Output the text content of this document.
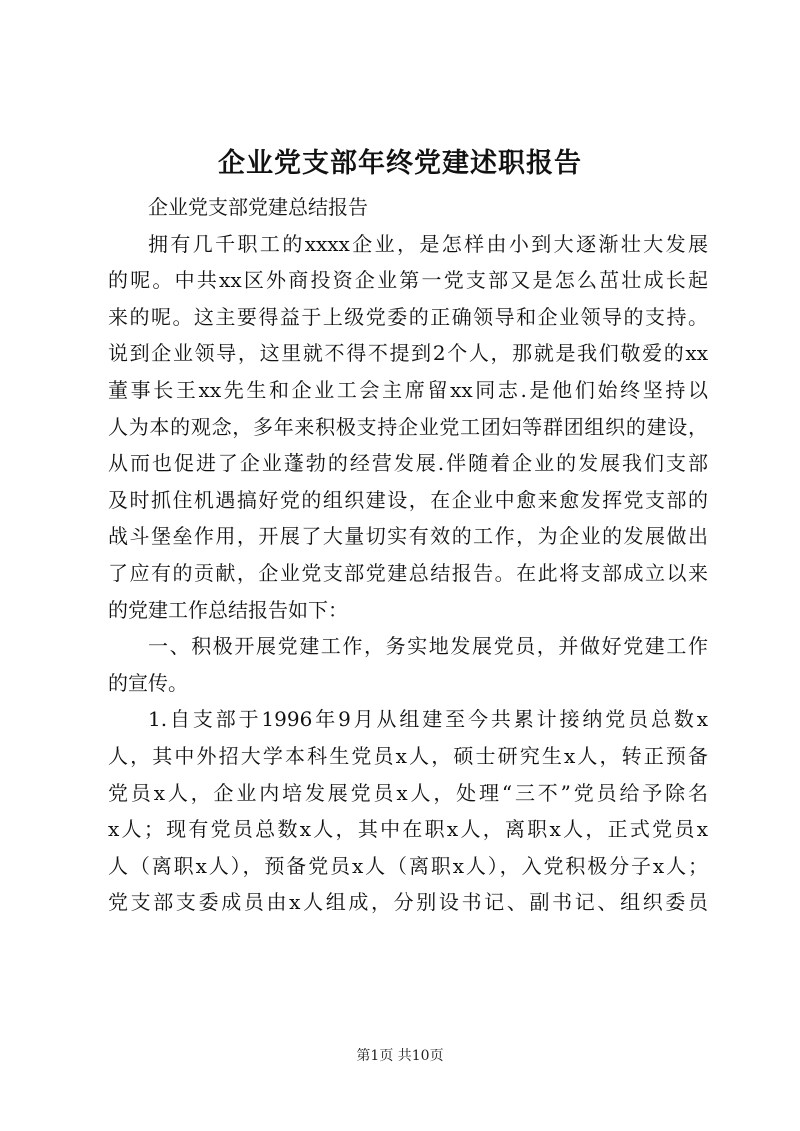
企业党支部年终党建述职报告
企业党支部党建总结报告
拥有几千职工的xxxx企业，是怎样由小到大逐渐壮大发展
的呢。中共xx区外商投资企业第一党支部又是怎么茁壮成长起
来的呢。这主要得益于上级党委的正确领导和企业领导的支持。
说到企业领导，这里就不得不提到2个人，那就是我们敬爱的xx
董事长王xx先生和企业工会主席留xx同志.是他们始终坚持以
人为本的观念，多年来积极支持企业党工团妇等群团组织的建设，
从而也促进了企业蓬勃的经营发展.伴随着企业的发展我们支部
及时抓住机遇搞好党的组织建设，在企业中愈来愈发挥党支部的
战斗堡垒作用，开展了大量切实有效的工作，为企业的发展做出
了应有的贡献，企业党支部党建总结报告。在此将支部成立以来
的党建工作总结报告如下：
一、积极开展党建工作，务实地发展党员，并做好党建工作
的宣传。
1.自支部于1996年9月从组建至今共累计接纳党员总数x
人，其中外招大学本科生党员x人，硕士研究生x人，转正预备
党员x人，企业内培发展党员x人，处理“三不”党员给予除名
x人；现有党员总数x人，其中在职x人，离职x人，正式党员x
人（离职x人），预备党员x人（离职x人），入党积极分子x人；
党支部支委成员由x人组成，分别设书记、副书记、组织委员
第1页 共10页
